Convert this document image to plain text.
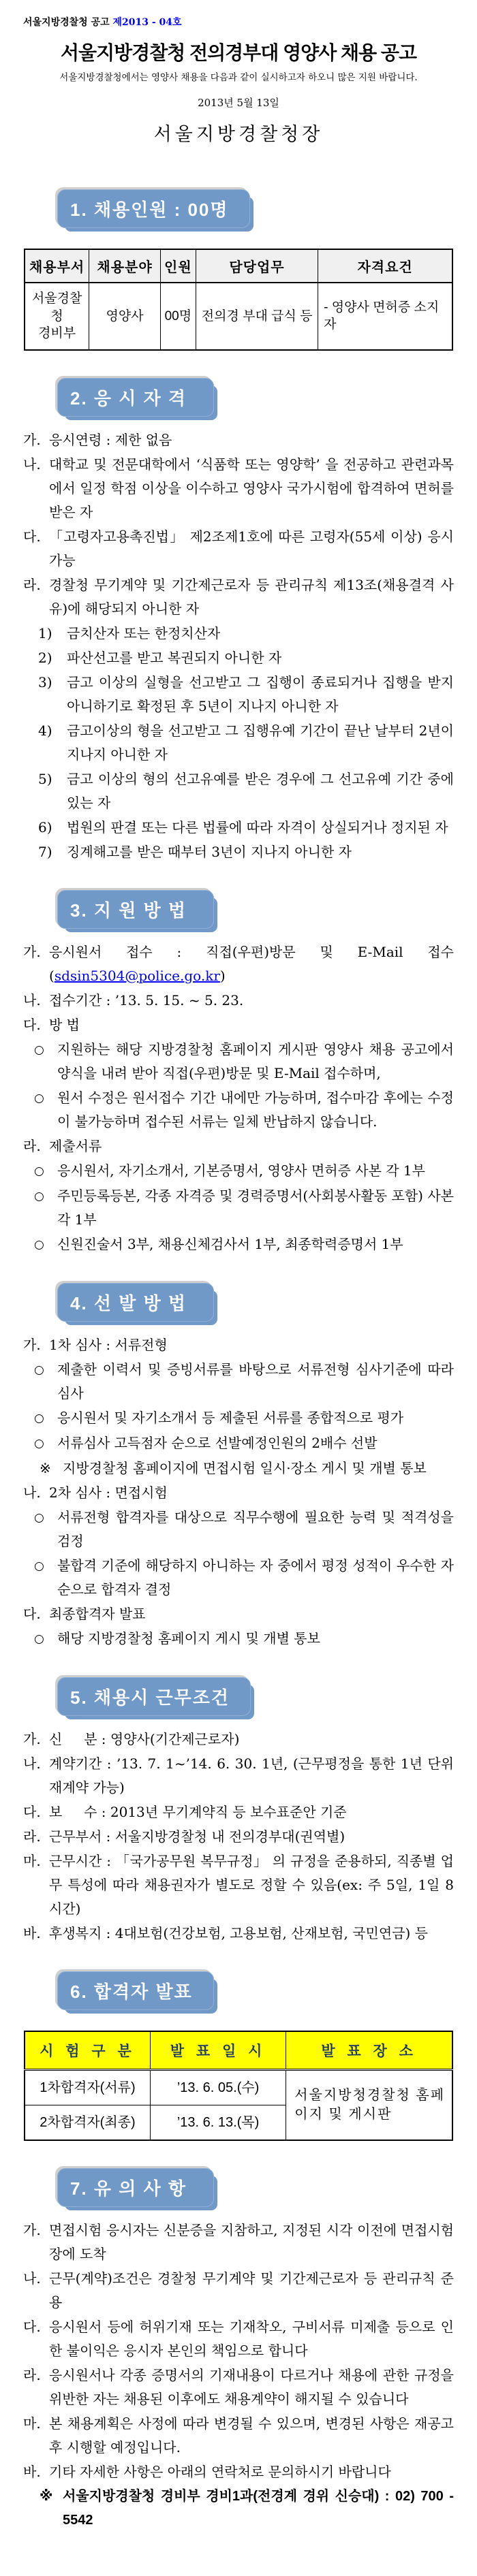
서울지방경찰청 공고 제2013 - 04호
서울지방경찰청 전의경부대 영양사 채용 공고

서울지방경찰청에서는 영양사 채용을 다음과 같이 실시하고자 하오니 많은 지원 바랍니다.

2013년 5월 13일

서울지방경찰청장

1. 채용인원 : 00명
채용부서	채용분야	인원	담당업무	자격요건
서울경찰청
경비부	영양사	00명	전의경 부대 급식 등	- 영양사 면허증 소지자
2. 응 시 자 격
가. 응시연령 : 제한 없음
나. 대학교 및 전문대학에서 ‘식품학 또는 영양학’ 을 전공하고 관련과목에서 일정 학점 이상을 이수하고 영양사 국가시험에 합격하여 면허를 받은 자
다. 「고령자고용촉진법」 제2조제1호에 따른 고령자(55세 이상) 응시 가능
라. 경찰청 무기계약 및 기간제근로자 등 관리규칙 제13조(채용결격 사유)에 해당되지 아니한 자
1)	금치산자 또는 한정치산자
2)	파산선고를 받고 복권되지 아니한 자
3)	금고 이상의 실형을 선고받고 그 집행이 종료되거나 집행을 받지 아니하기로 확정된 후 5년이 지나지 아니한 자
4)	금고이상의 형을 선고받고 그 집행유예 기간이 끝난 날부터 2년이 지나지 아니한 자
5)	금고 이상의 형의 선고유예를 받은 경우에 그 선고유예 기간 중에 있는 자
6)	법원의 판결 또는 다른 법률에 따라 자격이 상실되거나 정지된 자
7)	징계해고를 받은 때부터 3년이 지나지 아니한 자
3. 지 원 방 법
가. 응시원서 접수 : 직접(우편)방문 및 E-Mail 접수(sdsin5304@police.go.kr)
나. 접수기간 : ’13. 5. 15. ~ 5. 23.
다. 방 법
○ 지원하는 해당 지방경찰청 홈페이지 게시판 영양사 채용 공고에서 양식을 내려 받아 직접(우편)방문 및 E-Mail 접수하며,
○ 원서 수정은 원서접수 기간 내에만 가능하며, 접수마감 후에는 수정이 불가능하며 접수된 서류는 일체 반납하지 않습니다.
라. 제출서류
○ 응시원서, 자기소개서, 기본증명서, 영양사 면허증 사본 각 1부
○ 주민등록등본, 각종 자격증 및 경력증명서(사회봉사활동 포함) 사본 각 1부
○ 신원진술서 3부, 채용신체검사서 1부, 최종학력증명서 1부
4. 선 발 방 법
가. 1차 심사 : 서류전형
○ 제출한 이력서 및 증빙서류를 바탕으로 서류전형 심사기준에 따라 심사
○ 응시원서 및 자기소개서 등 제출된 서류를 종합적으로 평가
○ 서류심사 고득점자 순으로 선발예정인원의 2배수 선발
※ 지방경찰청 홈페이지에 면접시험 일시·장소 게시 및 개별 통보
나. 2차 심사 : 면접시험
○ 서류전형 합격자를 대상으로 직무수행에 필요한 능력 및 적격성을 검정
○ 불합격 기준에 해당하지 아니하는 자 중에서 평정 성적이 우수한 자 순으로 합격자 결정
다. 최종합격자 발표
○ 해당 지방경찰청 홈페이지 게시 및 개별 통보
5. 채용시 근무조건
가. 신     분 : 영양사(기간제근로자)
나. 계약기간 : ’13. 7. 1~’14. 6. 30. 1년, (근무평정을 통한 1년 단위 재계약 가능)
다. 보     수 : 2013년 무기계약직 등 보수표준안 기준
라. 근무부서 : 서울지방경찰청 내 전의경부대(권역별)
마. 근무시간 : 「국가공무원 복무규정」 의 규정을 준용하되, 직종별 업무 특성에 따라 채용권자가 별도로 정할 수 있음(ex: 주 5일, 1일 8시간)
바. 후생복지 : 4대보험(건강보험, 고용보험, 산재보험, 국민연금) 등
6. 합격자 발표
시 험 구 분	발 표 일 시	발 표 장 소
1차합격자(서류)	’13. 6. 05.(수)	서울지방청경찰청 홈페이지 및 게시판
2차합격자(최종)	’13. 6. 13.(목)	
7. 유 의 사 항
가. 면접시험 응시자는 신분증을 지참하고, 지정된 시각 이전에 면접시험장에 도착
나. 근무(계약)조건은 경찰청 무기계약 및 기간제근로자 등 관리규칙 준용
다. 응시원서 등에 허위기재 또는 기재착오, 구비서류 미제출 등으로 인한 불이익은 응시자 본인의 책임으로 합니다
라. 응시원서나 각종 증명서의 기재내용이 다르거나 채용에 관한 규정을 위반한 자는 채용된 이후에도 채용계약이 해지될 수 있습니다
마. 본 채용계획은 사정에 따라 변경될 수 있으며, 변경된 사항은 재공고 후 시행할 예정입니다.
바. 기타 자세한 사항은 아래의 연락처로 문의하시기 바랍니다
※ 서울지방경찰청 경비부 경비1과(전경계 경위 신승대) : 02) 700 - 5542
